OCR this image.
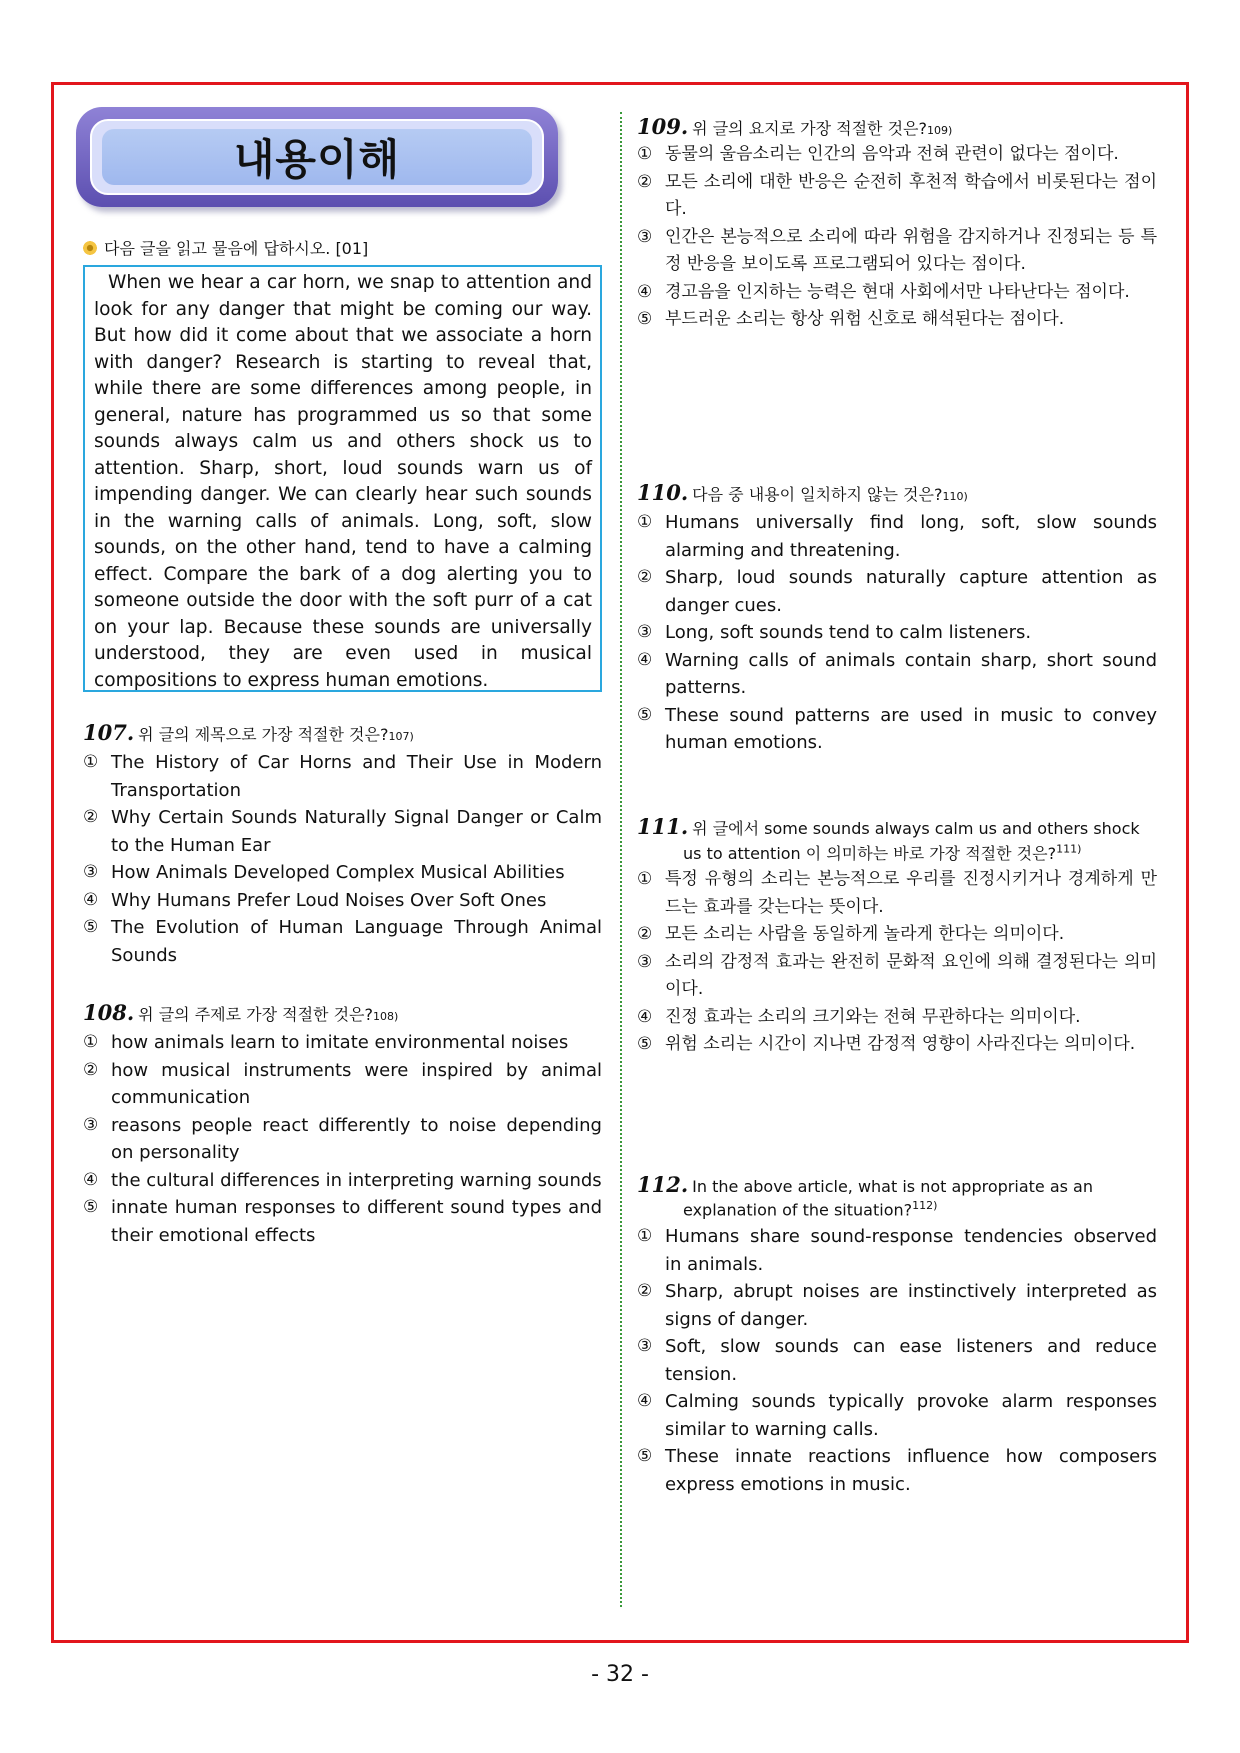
내용이해
다음 글을 읽고 물음에 답하시오. [01]

When we hear a car horn, we snap to attention and look for any danger that might be coming our way. But how did it come about that we associate a horn with danger? Research is starting to reveal that, while there are some differences among people, in general, nature has programmed us so that some sounds always calm us and others shock us to attention. Sharp, short, loud sounds warn us of impending danger. We can clearly hear such sounds in the warning calls of animals. Long, soft, slow sounds, on the other hand, tend to have a calming effect. Compare the bark of a dog alerting you to someone outside the door with the soft purr of a cat on your lap. Because these sounds are universally understood, they are even used in musical compositions to express human emotions.

107. 위 글의 제목으로 가장 적절한 것은? 107)
① The History of Car Horns and Their Use in Modern Transportation
② Why Certain Sounds Naturally Signal Danger or Calm to the Human Ear
③ How Animals Developed Complex Musical Abilities
④ Why Humans Prefer Loud Noises Over Soft Ones
⑤ The Evolution of Human Language Through Animal Sounds
108. 위 글의 주제로 가장 적절한 것은? 108)
① how animals learn to imitate environmental noises
② how musical instruments were inspired by animal communication
③ reasons people react differently to noise depending on personality
④ the cultural differences in interpreting warning sounds
⑤ innate human responses to different sound types and their emotional effects
109. 위 글의 요지로 가장 적절한 것은? 109)
① 동물의 울음소리는 인간의 음악과 전혀 관련이 없다는 점이다.
② 모든 소리에 대한 반응은 순전히 후천적 학습에서 비롯된다는 점이다.
③ 인간은 본능적으로 소리에 따라 위험을 감지하거나 진정되는 등 특정 반응을 보이도록 프로그램되어 있다는 점이다.
④ 경고음을 인지하는 능력은 현대 사회에서만 나타난다는 점이다.
⑤ 부드러운 소리는 항상 위험 신호로 해석된다는 점이다.
110. 다음 중 내용이 일치하지 않는 것은? 110)
① Humans universally find long, soft, slow sounds alarming and threatening.
② Sharp, loud sounds naturally capture attention as danger cues.
③ Long, soft sounds tend to calm listeners.
④ Warning calls of animals contain sharp, short sound patterns.
⑤ These sound patterns are used in music to convey human emotions.
111. 위 글에서 some sounds always calm us and others shock
us to attention 이 의미하는 바로 가장 적절한 것은?$^{111)}$
① 특정 유형의 소리는 본능적으로 우리를 진정시키거나 경계하게 만드는 효과를 갖는다는 뜻이다.
② 모든 소리는 사람을 동일하게 놀라게 한다는 의미이다.
③ 소리의 감정적 효과는 완전히 문화적 요인에 의해 결정된다는 의미이다.
④ 진정 효과는 소리의 크기와는 전혀 무관하다는 의미이다.
⑤ 위험 소리는 시간이 지나면 감정적 영향이 사라진다는 의미이다.
112. In the above article, what is not appropriate as an
explanation of the situation?$^{112)}$
① Humans share sound-response tendencies observed in animals.
② Sharp, abrupt noises are instinctively interpreted as signs of danger.
③ Soft, slow sounds can ease listeners and reduce tension.
④ Calming sounds typically provoke alarm responses similar to warning calls.
⑤ These innate reactions influence how composers express emotions in music.
- 32 -
